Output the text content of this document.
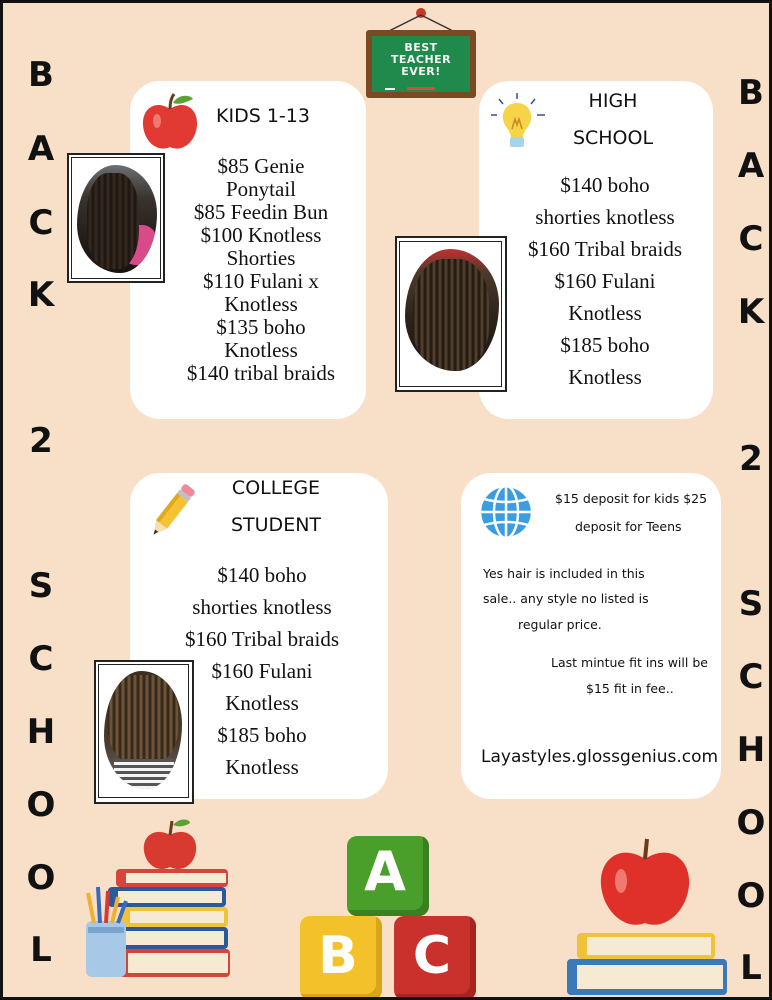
B
A
C
K
2
S
C
H
O
O
L
B
A
C
K
2
S
C
H
O
O
L
BEST
TEACHER
EVER!
KIDS 1-13
$85 Genie
Ponytail
$85 Feedin Bun
$100 Knotless
Shorties
$110 Fulani x
Knotless
$135 boho
Knotless
$140 tribal braids
HIGH
SCHOOL
$140 boho
shorties knotless
$160 Tribal braids
$160 Fulani
Knotless
$185 boho
Knotless
COLLEGE
STUDENT
$140 boho
shorties knotless
$160 Tribal braids
$160 Fulani
Knotless
$185 boho
Knotless
$15 deposit for kids $25
deposit for Teens
Yes hair is included in this
sale.. any style no listed is
regular price.
Last mintue fit ins will be
$15 fit in fee..
Layastyles.glossgenius.com
A
B	C
